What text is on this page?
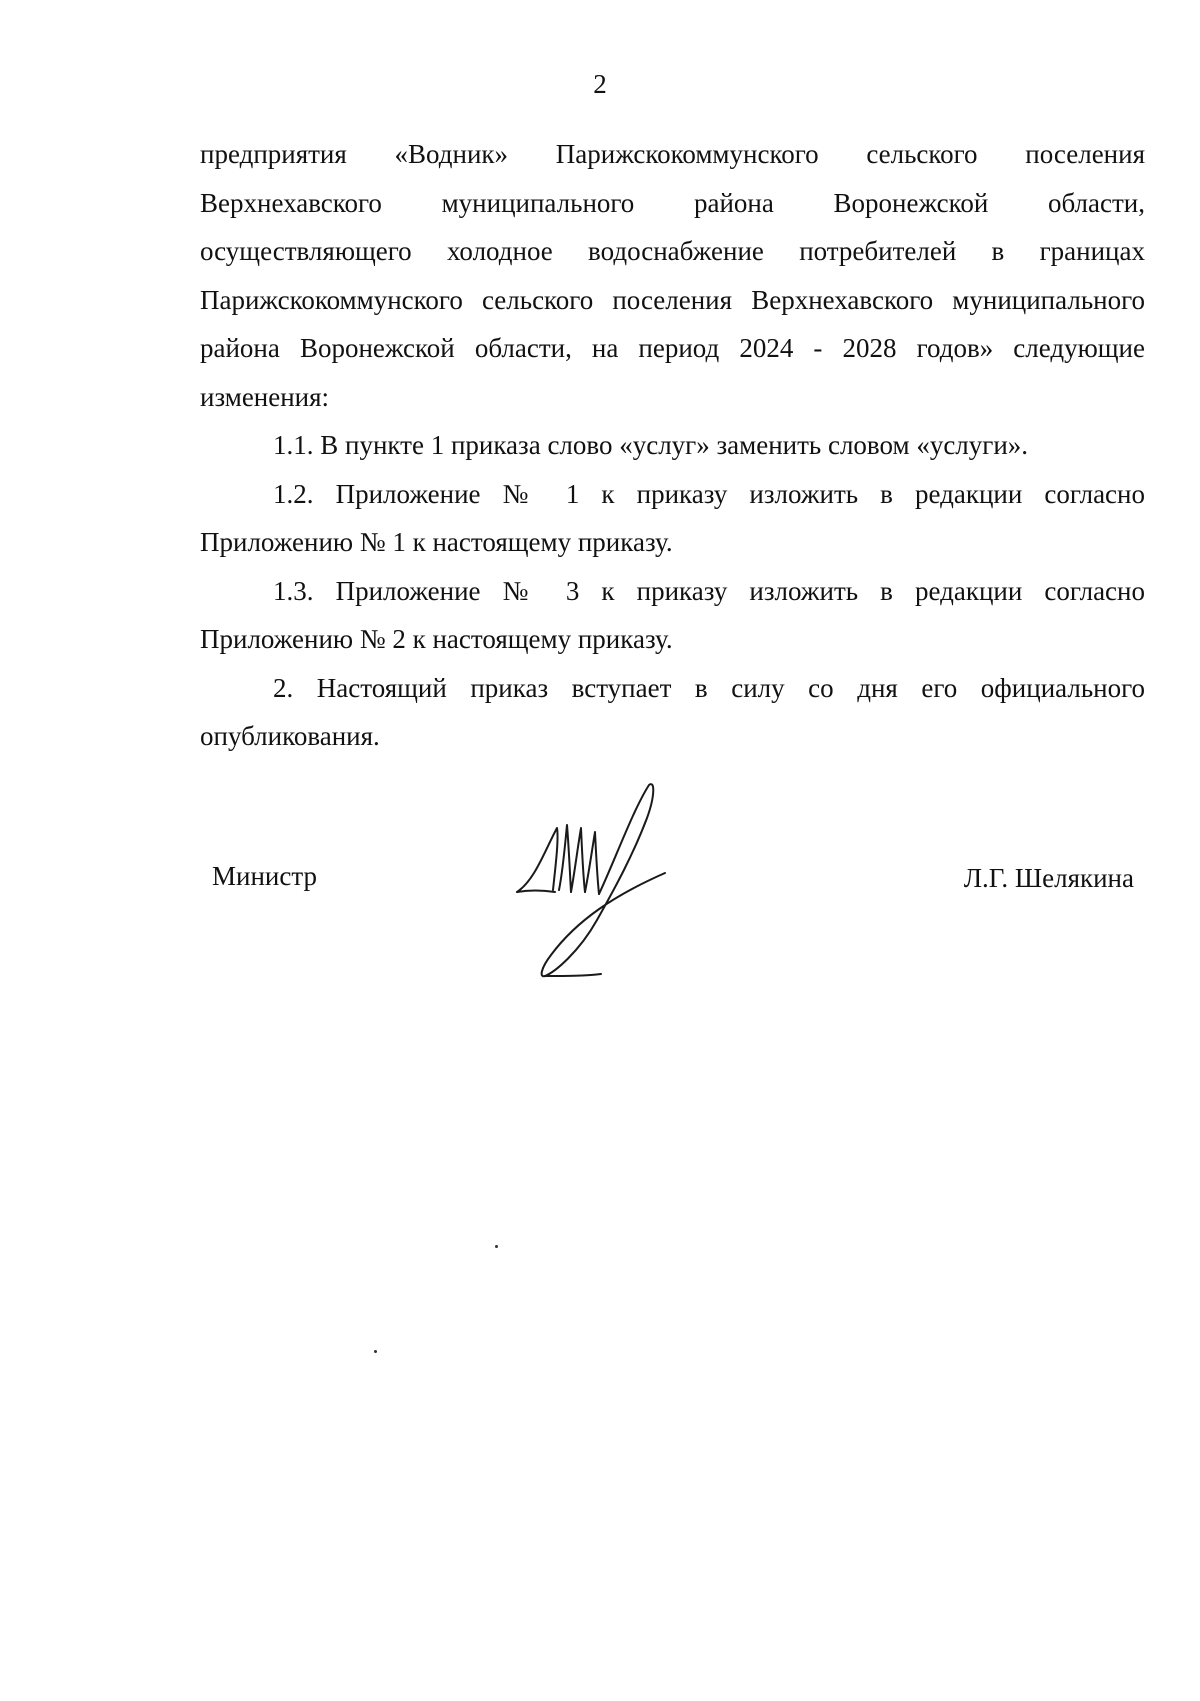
2

предприятия «Водник» Парижскокоммунского сельского поселения Верхнехавского муниципального района Воронежской области, осуществляющего холодное водоснабжение потребителей в границах Парижскокоммунского сельского поселения Верхнехавского муниципального района Воронежской области, на период 2024 - 2028 годов» следующие изменения:

1.1. В пункте 1 приказа слово «услуг» заменить словом «услуги».

1.2. Приложение № 1 к приказу изложить в редакции согласно Приложению № 1 к настоящему приказу.

1.3. Приложение № 3 к приказу изложить в редакции согласно Приложению № 2 к настоящему приказу.

2. Настоящий приказ вступает в силу со дня его официального опубликования.

Министр	Л.Г. Шелякина
